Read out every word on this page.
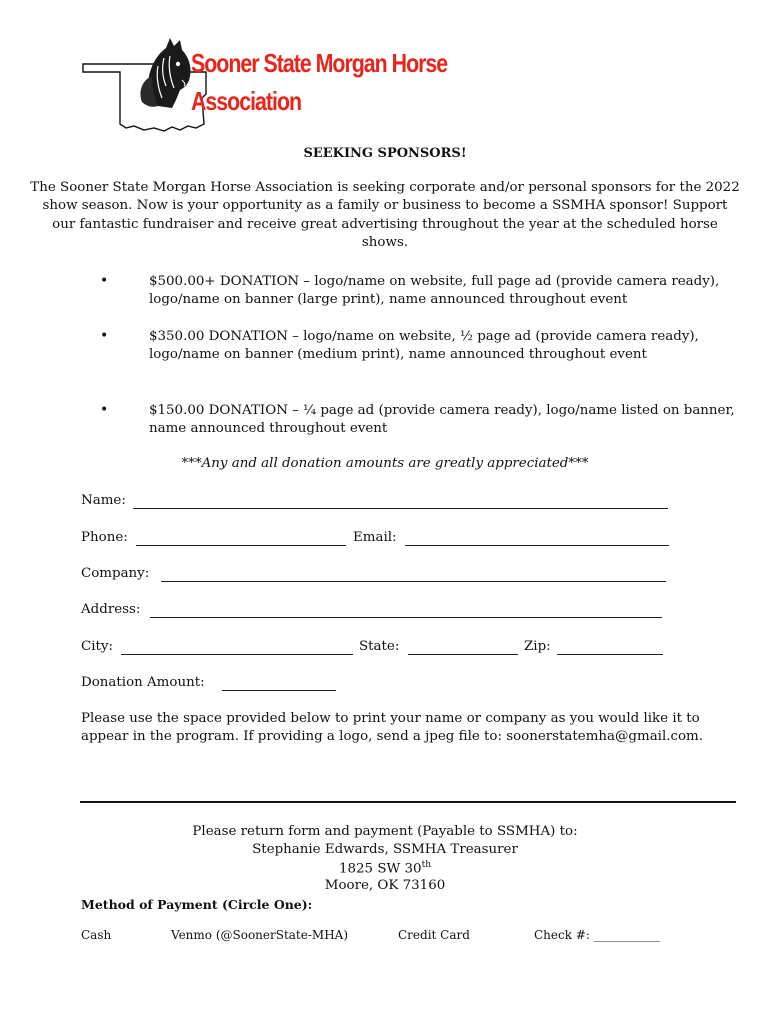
Sooner State Morgan Horse
Association
SEEKING SPONSORS!
The Sooner State Morgan Horse Association is seeking corporate and/or personal sponsors for the 2022 show season. Now is your opportunity as a family or business to become a SSMHA sponsor! Support our fantastic fundraiser and receive great advertising throughout the year at the scheduled horse shows.
•	$500.00+ DONATION – logo/name on website, full page ad (provide camera ready), logo/name on banner (large print), name announced throughout event
•	$350.00 DONATION – logo/name on website, ½ page ad (provide camera ready), logo/name on banner (medium print), name announced throughout event
•	$150.00 DONATION – ¼ page ad (provide camera ready), logo/name listed on banner, name announced throughout event
***Any and all donation amounts are greatly appreciated***
Name:
Phone:	Email:
Company:
Address:
City:	State:	Zip:
Donation Amount:
Please use the space provided below to print your name or company as you would like it to appear in the program. If providing a logo, send a jpeg file to: soonerstatemha@gmail.com.
Please return form and payment (Payable to SSMHA) to:
Stephanie Edwards, SSMHA Treasurer
1825 SW 30th
Moore, OK 73160
Method of Payment (Circle One):
Cash	Venmo (@SoonerState-MHA)	Credit Card	Check #: ___________
